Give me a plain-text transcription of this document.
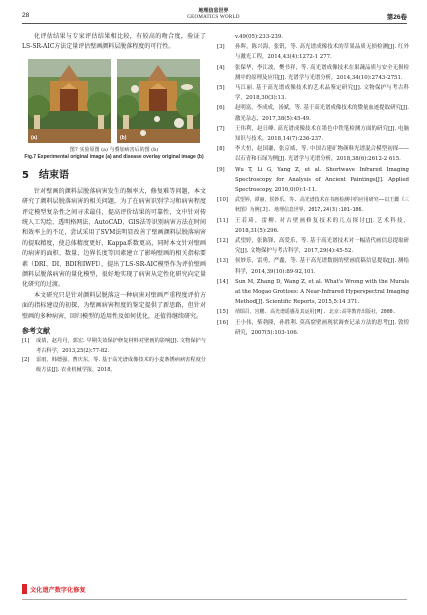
28
地理信息世界
GEOMATICS WORLD	第26卷

化评估结果与专家评估结果相比较，有较高的吻合度，验证了LS-SR-AIC方法定量评估壁画颜料层脱落程度的可行性。

(a)	(b)
图7 实验原图 (a) 与叠加病害后的图 (b)
Fig.7 Experimental original image (a) and disease overlay original image (b)
5 结束语

针对壁画的颜料层脱落病害发生的频率大，修复难等问题，本文研究了颜料层脱落病害的相关问题，为了在病害识别学习和病害程度评定模型复杂性之间寻求最佳，提高评价结果的可靠性，文中针对传统人工勾绘、透明格网法、AutoCAD、GIS法等识别病害方法在时间和效率上的不足，尝试采用了SVM法明显改善了壁画颜料层脱落病害的提取精度，使总体精度更好，Kappa系数更高，同时本文针对壁画的病害的面积、数量、边界长度等因素建立了影响壁画的相关指标要素（DRI、DI、BDI和IWFI），提出了LS-SR-AIC模型作为评价壁画颜料层脱落病害的量化模型，很好地实现了病害从定性化研究向定量化研究的过渡。

本文研究只是针对颜料层脱落这一种病害对壁画严重程度评价方面的指标建设的初探，为壁画病害程度的鉴定提供了新思路，但针对壁画的多种病害，回归模型的适用性及如何优化，还值得继续研究。

参考文献
[1]	成倩，赵丹丹，郭宏. 早期失效保护修复材料对壁画的影响[J]. 文物保护与考古科学，2013,25(2):77-82.
[2]	雷雨，韩德强，曹庆东，等. 基于高光谱成像技术的小麦条锈病病害程度分级方法[J]. 农业机械学报，2018,
v.49(05):233-239.
[3]	孙晖，陈兴海，张钒，等. 高光谱成像技术的草果品质无损检测[J]. 红外与激光工程，2014,43(4):1272-1 277.
[4]	张保华，李江波，樊书祥，等. 高光谱成像技术在果蔬品质与安全无损检测中的原理及应用[J]. 光谱学与光谱分析，2014,34(10):2743-2751.
[5]	马江丽. 基于高光谱成像技术的艺术品鉴定研究[J]. 文物保护与考古科学，2018,30(3):13.
[6]	赵明富，李成成，汤斌，等. 基于高光谱成像技术的微量血迹提取研究[J]. 激光杂志，2017,38(5):45-49.
[7]	王伟利，赵日峰. 高光谱成像技术在墨色中铁笔检测方面的研究[J]. 电脑知识与技术，2018,14(7):236-237.
[8]	李大恒，赵国谦，张京威，等. 中国古建矿物颜料光谱混合模型初探——以石青和石绿为例[J]. 光谱学与光谱分析，2018,38(6):2612-2 615.
[9]	Wu T, Li G, Yang Z, et al. Shortwave Infrared Imaging Spectroscopy for Analysis of Ancient Paintings[J]. Applied Spectroscopy, 2016,0(0):1-11.
[10]	武望婷，谭丽，侯妙乐，等. 高光谱技术在书画检测中的应用研究——以王鑑《三秋图》为例[J]. 地理信息世界，2017,24(3):101-106.
[11]	王若琦，雷柳. 对古壁画修复技术的几点探讨[J]. 艺术科技，2018,31(5):296.
[12]	武望婷，张陈锋，高爱乐，等. 基于高光谱技术对一幅清代画信息提取研究[J]. 文物保护与考古科学，2017,29(4):45-52.
[13]	侯妙乐，雷勇，严鑫，等. 基于高光谱数据的壁画底稿信息提取[J]. 测绘科学，2014,39(10):89-92,101.
[14]	Sun M, Zhang D, Wang Z, et al. What's Wrong with the Murals at the Mogao Grottoes: A Near-Infrared Hyperspectral Imaging Method[J]. Scientific Reports, 2015,5:14 371.
[15]	靖瑞召，宫鹏. 高光谱遥感及其运用[M]. 北京:高等教育出版社，2000.
[16]	王小伟，柴勃隆，孙胜利. 莫高窟壁画现状调查记录方法的思考[J]. 敦煌研究，2007(5):103-106.
文化遗产数字化修复
